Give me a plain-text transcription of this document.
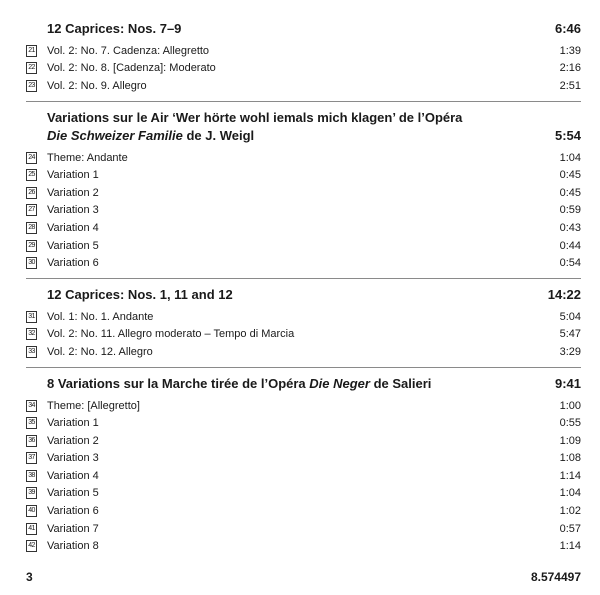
12 Caprices: Nos. 7–9	6:46
21 Vol. 2: No. 7. Cadenza: Allegretto	1:39
22 Vol. 2: No. 8. [Cadenza]: Moderato	2:16
23 Vol. 2: No. 9. Allegro	2:51
Variations sur le Air ‘Wer hörte wohl iemals mich klagen’ de l’Opéra
Die Schweizer Familie de J. Weigl	5:54
24 Theme: Andante	1:04
25 Variation 1	0:45
26 Variation 2	0:45
27 Variation 3	0:59
28 Variation 4	0:43
29 Variation 5	0:44
30 Variation 6	0:54
12 Caprices: Nos. 1, 11 and 12	14:22
31 Vol. 1: No. 1. Andante	5:04
32 Vol. 2: No. 11. Allegro moderato – Tempo di Marcia	5:47
33 Vol. 2: No. 12. Allegro	3:29
8 Variations sur la Marche tirée de l’Opéra Die Neger de Salieri	9:41
34 Theme: [Allegretto]	1:00
35 Variation 1	0:55
36 Variation 2	1:09
37 Variation 3	1:08
38 Variation 4	1:14
39 Variation 5	1:04
40 Variation 6	1:02
41 Variation 7	0:57
42 Variation 8	1:14
3	8.574497
